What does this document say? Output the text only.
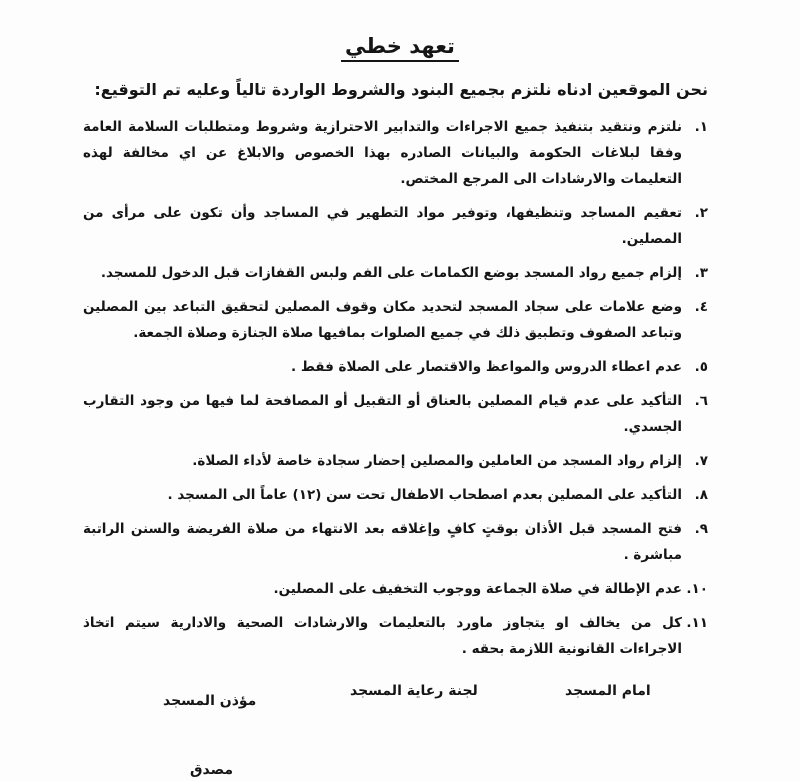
تعهد خطي
نحن الموقعين ادناه نلتزم بجميع البنود والشروط الواردة تالياً وعليه تم التوقيع:
١.
نلتزم ونتقيد بتنفيذ جميع الاجراءات والتدابير الاحترازية وشروط ومتطلبات السلامة العامة وفقا لبلاغات الحكومة والبيانات الصادره بهذا الخصوص والابلاغ عن اي مخالفة لهذه التعليمات والارشادات الى المرجع المختص.
٢.
تعقيم المساجد وتنظيفها، وتوفير مواد التطهير في المساجد وأن تكون على مرأى من المصلين.
٣.
إلزام جميع رواد المسجد بوضع الكمامات على الفم ولبس القفازات قبل الدخول للمسجد.
٤.
وضع علامات على سجاد المسجد لتحديد مكان وقوف المصلين لتحقيق التباعد بين المصلين وتباعد الصفوف وتطبيق ذلك في جميع الصلوات بمافيها صلاة الجنازة وصلاة الجمعة.
٥.
عدم اعطاء الدروس والمواعظ والاقتصار على الصلاة فقط .
٦.
التأكيد على عدم قيام المصلين بالعناق أو التقبيل أو المصافحة لما فيها من وجود التقارب الجسدي.
٧.
إلزام رواد المسجد من العاملين والمصلين إحضار سجادة خاصة لأداء الصلاة.
٨.
التأكيد على المصلين بعدم اصطحاب الاطفال تحت سن (١٢) عاماً الى المسجد .
٩.
فتح المسجد قبل الأذان بوقتٍ كافٍ وإغلاقه بعد الانتهاء من صلاة الفريضة والسنن الراتبة مباشرة .
١٠.
عدم الإطالة في صلاة الجماعة ووجوب التخفيف على المصلين.
١١.
كل من يخالف او يتجاوز ماورد بالتعليمات والارشادات الصحية والادارية سيتم اتخاذ الاجراءات القانونية اللازمة بحقه .
امام المسجد
لجنة رعاية المسجد
مؤذن المسجد
مصدق
